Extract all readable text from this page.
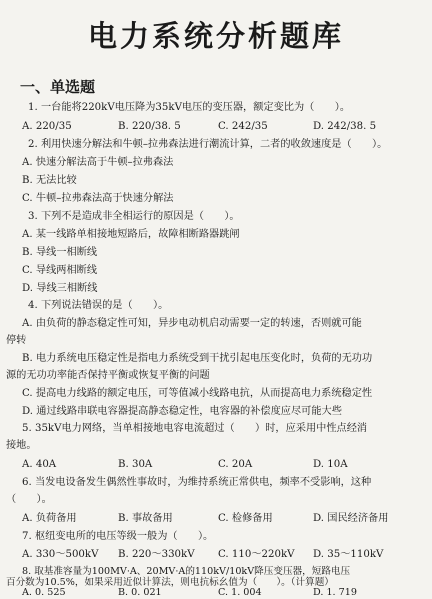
电力系统分析题库
一、单选题
1. 一台能将220kV电压降为35kV电压的变压器，额定变比为（　　）。
A. 220/35	B. 220/38. 5	C. 242/35	D. 242/38. 5
2. 利用快速分解法和牛顿–拉弗森法进行潮流计算，二者的收敛速度是（　　）。
A. 快速分解法高于牛顿–拉弗森法
B. 无法比较
C. 牛顿–拉弗森法高于快速分解法
3. 下列不是造成非全相运行的原因是（　　）。
A. 某一线路单相接地短路后，故障相断路器跳闸
B. 导线一相断线
C. 导线两相断线
D. 导线三相断线
4. 下列说法错误的是（　　）。
A. 由负荷的静态稳定性可知，异步电动机启动需要一定的转速，否则就可能
停转
B. 电力系统电压稳定性是指电力系统受到干扰引起电压变化时，负荷的无功功
源的无功功率能否保持平衡或恢复平衡的问题
C. 提高电力线路的额定电压，可等值减小线路电抗，从而提高电力系统稳定性
D. 通过线路串联电容器提高静态稳定性，电容器的补偿度应尽可能大些
5. 35kV电力网络，当单相接地电容电流超过（　　）时，应采用中性点经消
接地。
A. 40A	B. 30A	C. 20A	D. 10A
6. 当发电设备发生偶然性事故时，为维持系统正常供电，频率不受影响，这种
（　　）。
A. 负荷备用	B. 事故备用	C. 检修备用	D. 国民经济备用
7. 枢纽变电所的电压等级一般为（　　）。
A. 330～500kV B. 220～330kV C. 110～220kV D. 35～110kV
8. 取基准容量为100MV·A、20MV·A的110kV/10kV降压变压器，短路电压
百分数为10.5%，如果采用近似计算法，则电抗标幺值为（　　）。（计算题）
A. 0. 525	B. 0. 021	C. 1. 004	D. 1. 719
